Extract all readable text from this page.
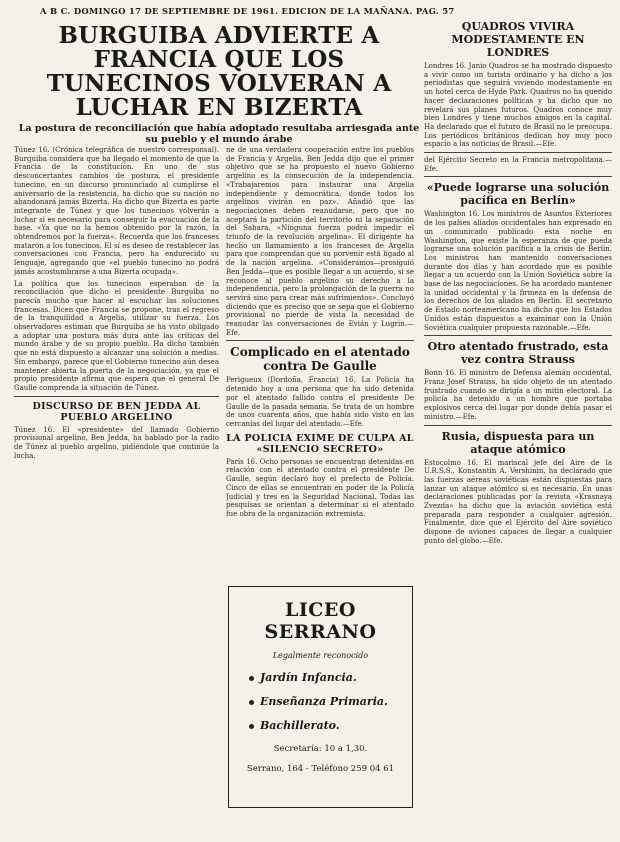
A B C. DOMINGO 17 DE SEPTIEMBRE DE 1961. EDICION DE LA MAÑANA. PAG. 57
BURGUIBA ADVIERTE A FRANCIA QUE LOS TUNECINOS VOLVERAN A LUCHAR EN BIZERTA
La postura de reconciliación que había adoptado resultaba arriesgada ante su pueblo y el mundo árabe
Túnez 16. (Crónica telegráfica de nuestro corresponsal). Burguiba considera que ha llegado el momento de que la Francia de la constitución. En uno de sus desconcertantes cambios de postura, el presidente tunecino, en un discurso pronunciado al cumplirse el aniversario de la resistencia, ha dicho que su nación no abandonará jamás Bizerta. Ha dicho que Bizerta es parte integrante de Túnez y que los tunecinos volverán a luchar si es necesario para conseguir la evacuación de la base. «Ya que no la hemos obtenido por la razón, la obtendremos por la fuerza». Recuerda que los franceses mataron a los tunecinos. El sí es deseo de restablecer las conversaciones con Francia, pero ha endurecido su lenguaje, agregando que «el pueblo tunecino no podrá jamás acostumbrarse a una Bizerta ocupada».
La política que los tunecinos esperaban de la reconciliación que dicho el presidente Burguiba no parecía mucho que hacer al escuchar las soluciones francesas. Dicen que Francia se propone, tras el regreso de la tranquilidad a Argelia, utilizar su fuerza. Los observadores estiman que Burguiba se ha visto obligado a adoptar una postura más dura ante las críticas del mundo árabe y de su propio pueblo. Ha dicho también que no está dispuesto a alcanzar una solución a medias. Sin embargo, parece que el Gobierno tunecino aún desea mantener abierta la puerta de la negociación, ya que el propio presidente afirma que espera que el general De Gaulle comprenda la situación de Túnez.
DISCURSO DE BEN JEDDA AL PUEBLO ARGELINO
Túnez 16. El «presidente» del llamado Gobierno provisional argelino, Ben Jedda, ha hablado por la radio de Túnez al pueblo argelino, pidiéndole que continúe la lucha.
ne de una verdadera cooperación entre los pueblos de Francia y Argelia. Ben Jedda dijo que el primer objetivo que se ha propuesto el nuevo Gobierno argelino es la consecución de la independencia. «Trabajaremos para instaurar una Argelia independiente y democrática, donde todos los argelinos vivirán en paz». Añadió que las negociaciones deben reanudarse, pero que no aceptará la partición del territorio ni la separación del Sahara. «Ninguna fuerza podrá impedir el triunfo de la revolución argelina». El dirigente ha hecho un llamamiento a los franceses de Argelia para que comprendan que su porvenir está ligado al de la nación argelina. «Consideramos—prosiguió Ben Jedda—que es posible llegar a un acuerdo, si se reconoce al pueblo argelino su derecho a la independencia, pero la prolongación de la guerra no servirá sino para crear más sufrimientos». Concluyó diciendo que es preciso que se sepa que el Gobierno provisional no pierde de vista la necesidad de reanudar las conversaciones de Evián y Lugrin.—Efe.
Complicado en el atentado contra De Gaulle
Perigueux (Dordoña, Francia) 16. La Policía ha detenido hoy a una persona que ha sido detenida por el atentado fallido contra el presidente De Gaulle de la pasada semana. Se trata de un hombre de unos cuarenta años, que había sido visto en las cercanías del lugar del atentado.—Efe.
LA POLICIA EXIME DE CULPA AL «SILENCIO SECRETO»
París 16. Ocho personas se encuentran detenidas en relación con el atentado contra el presidente De Gaulle, según declaró hoy el prefecto de Policía. Cinco de ellas se encuentran en poder de la Policía Judicial y tres en la Seguridad Nacional. Todas las pesquisas se orientan a determinar si el atentado fue obra de la organización extremista.
LICEO SERRANO
Legalmente reconocido
Jardín Infancia.
Enseñanza Primaria.
Bachillerato.
Secretaría: 10 a 1,30.
Serrano, 164 - Teléfono 259 04 61
QUADROS VIVIRA MODESTAMENTE EN LONDRES
Londres 16. Janio Quadros se ha mostrado dispuesto a vivir como un turista ordinario y ha dicho a los periodistas que seguirá viviendo modestamente en un hotel cerca de Hyde Park. Quadros no ha querido hacer declaraciones políticas y ha dicho que no revelará sus planes futuros. Quadros conoce muy bien Londres y tiene muchos amigos en la capital. Ha declarado que el futuro de Brasil no le preocupa. Los periódicos británicos dedican hoy muy poco espacio a las noticias de Brasil.—Efe.
del Ejército Secreto en la Francia metropolitana.—Efe.
«Puede lograrse una solución pacífica en Berlín»
Washington 16. Los ministros de Asuntos Exteriores de los países aliados occidentales han expresado en un comunicado publicado esta noche en Washington, que existe la esperanza de que pueda lograrse una solución pacífica a la crisis de Berlín. Los ministros han mantenido conversaciones durante dos días y han acordado que es posible llegar a un acuerdo con la Unión Soviética sobre la base de las negociaciones. Se ha acordado mantener la unidad occidental y la firmeza en la defensa de los derechos de los aliados en Berlín. El secretario de Estado norteamericano ha dicho que los Estados Unidos están dispuestos a examinar con la Unión Soviética cualquier propuesta razonable.—Efe.
Otro atentado frustrado, esta vez contra Strauss
Bonn 16. El ministro de Defensa alemán occidental, Franz Josef Strauss, ha sido objeto de un atentado frustrado cuando se dirigía a un mitin electoral. La policía ha detenido a un hombre que portaba explosivos cerca del lugar por donde debía pasar el ministro.—Efe.
Rusia, dispuesta para un ataque atómico
Estocolmo 16. El mariscal jefe del Aire de la U.R.S.S., Konstantin A. Vershinin, ha declarado que las fuerzas aéreas soviéticas están dispuestas para lanzar un ataque atómico si es necesario. En unas declaraciones publicadas por la revista «Krasnaya Zvezda» ha dicho que la aviación soviética está preparada para responder a cualquier agresión. Finalmente, dice que el Ejército del Aire soviético dispone de aviones capaces de llegar a cualquier punto del globo.—Efe.
